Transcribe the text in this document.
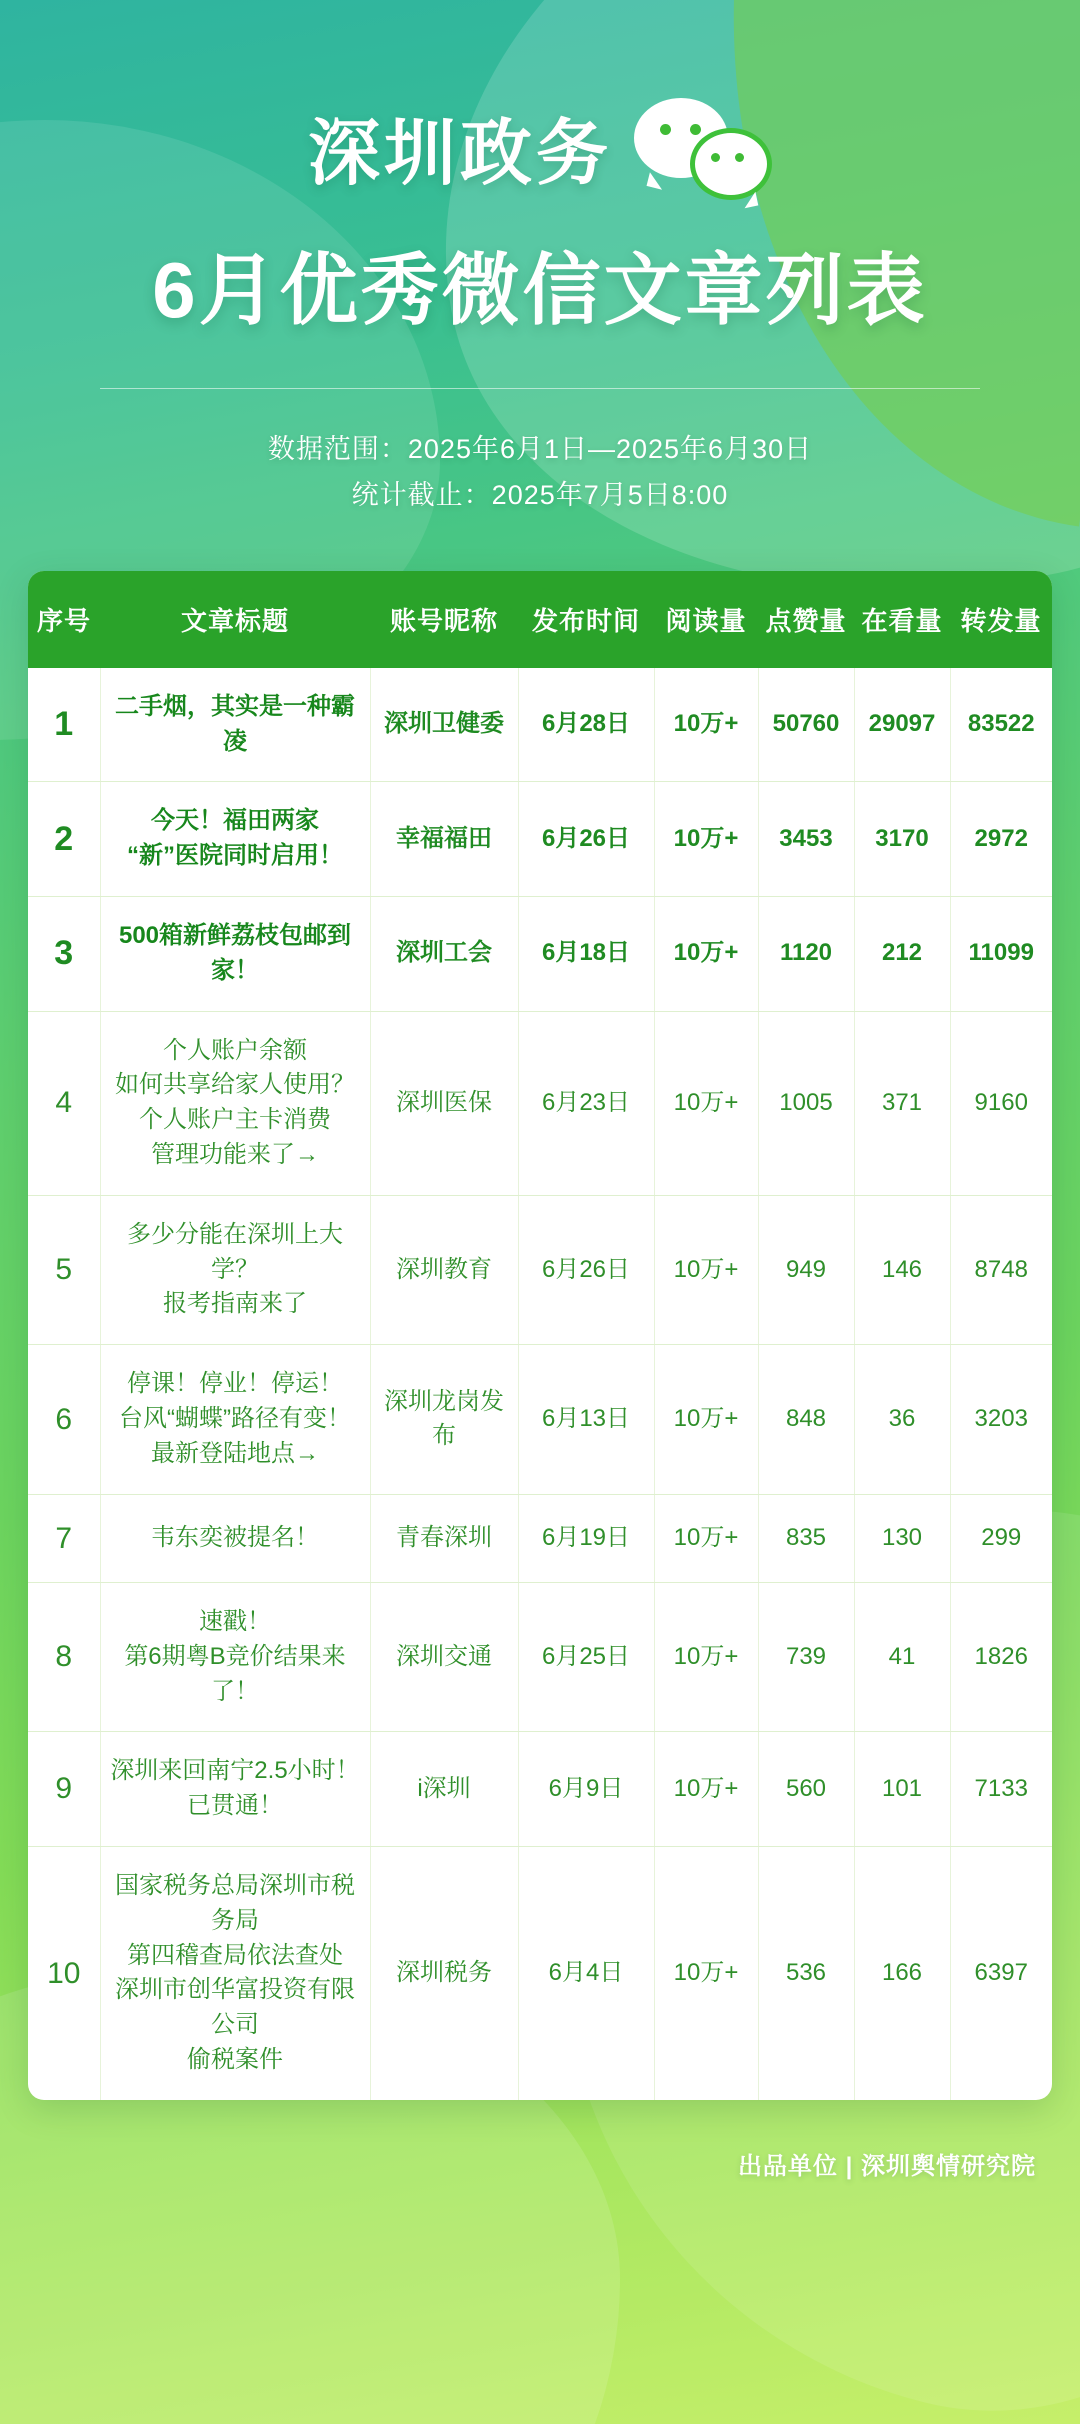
深圳政务
6月优秀微信文章列表
数据范围：2025年6月1日—2025年6月30日
统计截止：2025年7月5日8:00
序号	文章标题	账号昵称	发布时间	阅读量	点赞量	在看量	转发量
1	二手烟，其实是一种霸凌	深圳卫健委	6月28日	10万+	50760	29097	83522
2	今天！福田两家
“新”医院同时启用！	幸福福田	6月26日	10万+	3453	3170	2972
3	500箱新鲜荔枝包邮到家！	深圳工会	6月18日	10万+	1120	212	11099
4	个人账户余额
如何共享给家人使用？
个人账户主卡消费
管理功能来了→	深圳医保	6月23日	10万+	1005	371	9160
5	多少分能在深圳上大学？
报考指南来了	深圳教育	6月26日	10万+	949	146	8748
6	停课！停业！停运！
台风“蝴蝶”路径有变！
最新登陆地点→	深圳龙岗发布	6月13日	10万+	848	36	3203
7	韦东奕被提名！	青春深圳	6月19日	10万+	835	130	299
8	速戳！
第6期粤B竞价结果来了！	深圳交通	6月25日	10万+	739	41	1826
9	深圳来回南宁2.5小时！
已贯通！	i深圳	6月9日	10万+	560	101	7133
10	国家税务总局深圳市税务局
第四稽查局依法查处
深圳市创华富投资有限公司
偷税案件	深圳税务	6月4日	10万+	536	166	6397
出品单位 | 深圳舆情研究院
